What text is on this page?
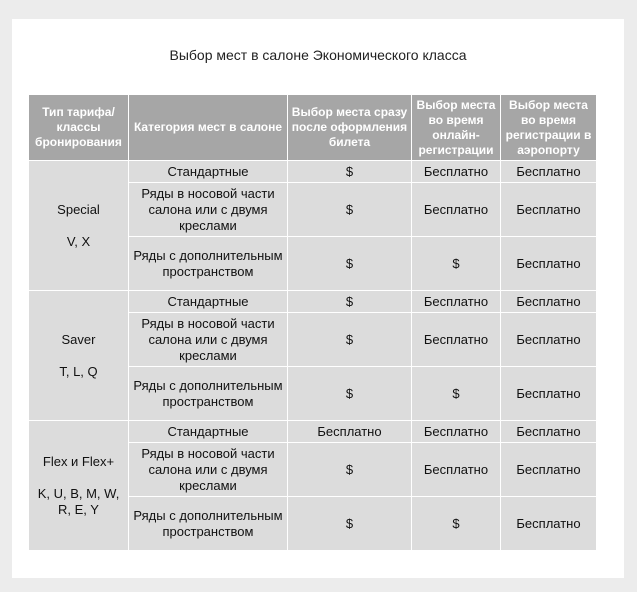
Выбор мест в салоне Экономического класса
Тип тарифа/ классы бронирования	Категория мест в салоне	Выбор места сразу после оформления билета	Выбор места во время онлайн-регистрации	Выбор места во время регистрации в аэропорту

Special
V, X	Стандартные	$	Бесплатно	Бесплатно
	Ряды в носовой части салона или с двумя креслами	$	Бесплатно	Бесплатно
	Ряды с дополнительным пространством	$	$	Бесплатно

Saver
T, L, Q	Стандартные	$	Бесплатно	Бесплатно
	Ряды в носовой части салона или с двумя креслами	$	Бесплатно	Бесплатно
	Ряды с дополнительным пространством	$	$	Бесплатно

Flex и Flex+
K, U, B, M, W, R, E, Y	Стандартные	Бесплатно	Бесплатно	Бесплатно
	Ряды в носовой части салона или с двумя креслами	$	Бесплатно	Бесплатно
	Ряды с дополнительным пространством	$	$	Бесплатно
